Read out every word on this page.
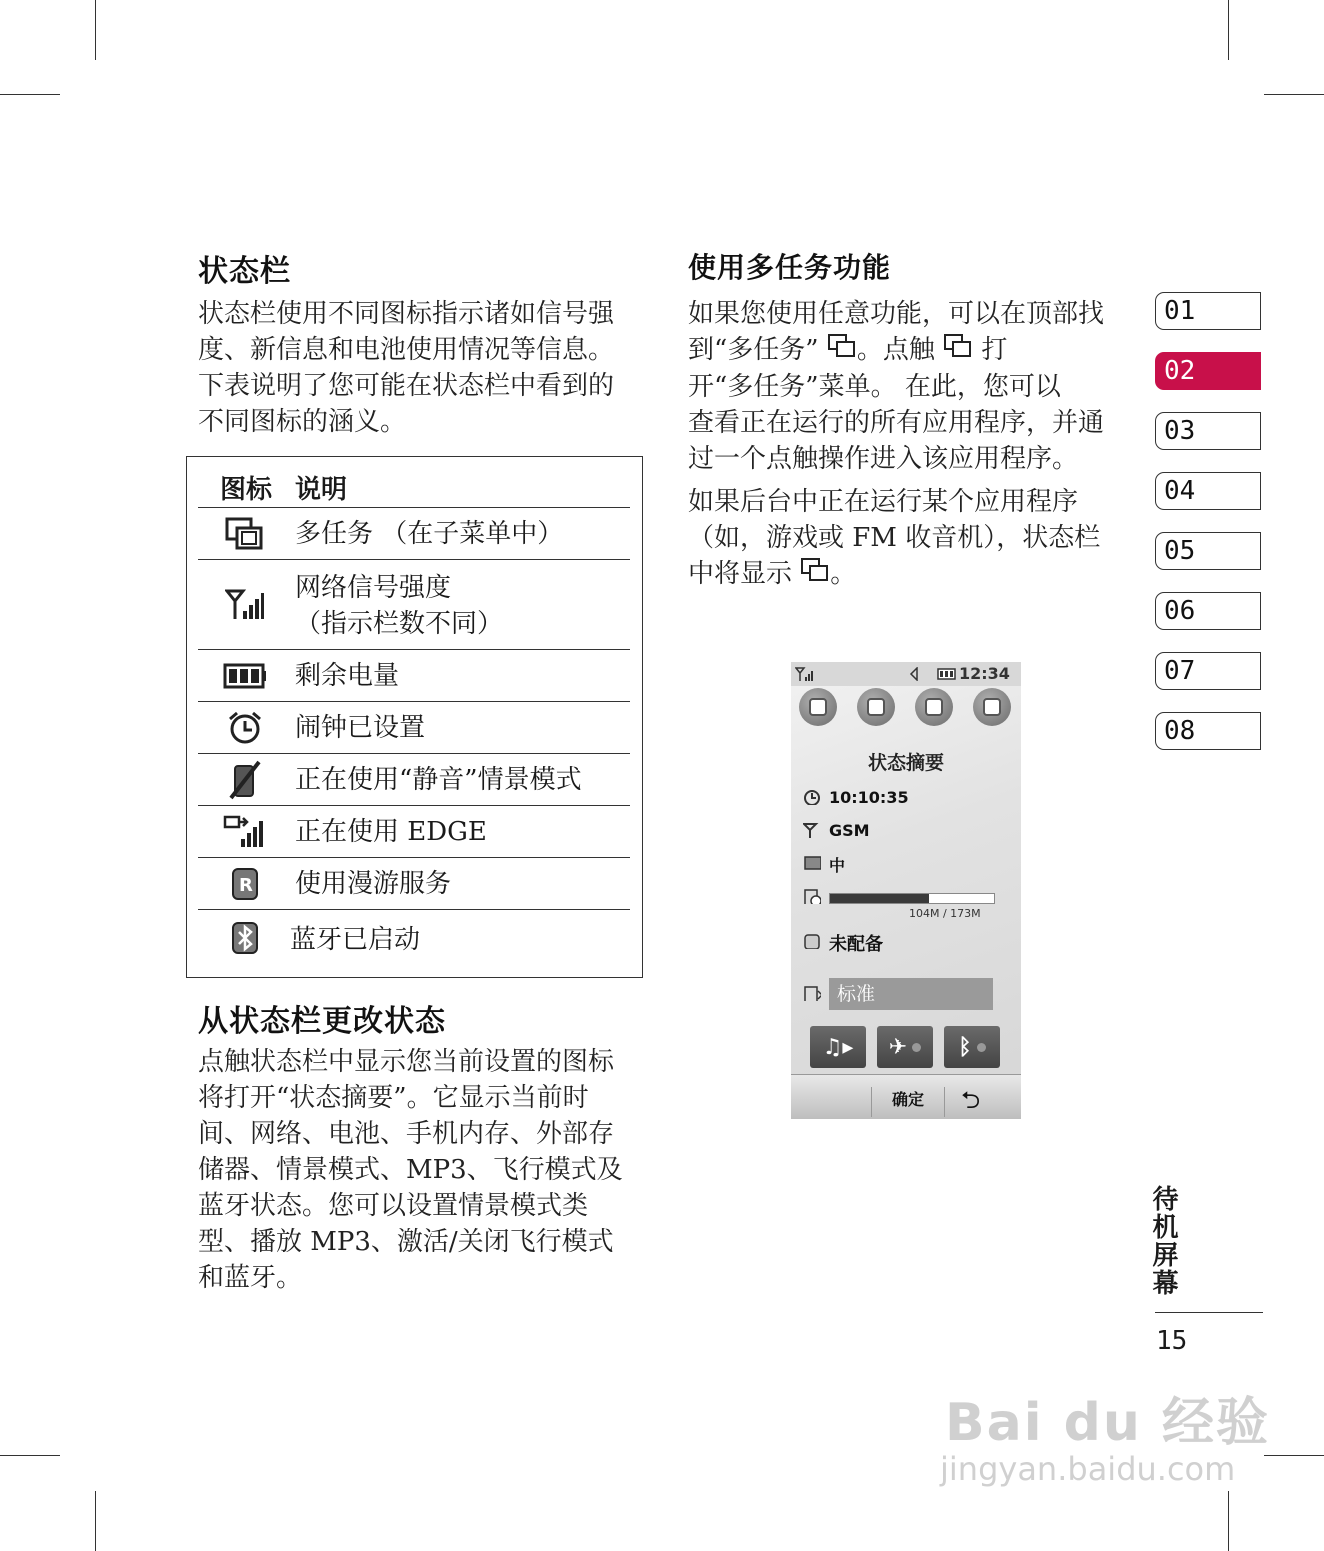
状态栏
状态栏使用不同图标指示诸如信号强
度、新信息和电池使用情况等信息。
下表说明了您可能在状态栏中看到的
不同图标的涵义。
图标 说明
多任务 （在子菜单中）
网络信号强度
（指示栏数不同）
剩余电量
闹钟已设置
正在使用“静音”情景模式
正在使用 EDGE
R 使用漫游服务
蓝牙已启动
从状态栏更改状态
点触状态栏中显示您当前设置的图标
将打开“状态摘要”。它显示当前时
间、网络、电池、手机内存、外部存
储器、情景模式、MP3、飞行模式及
蓝牙状态。您可以设置情景模式类
型、播放 MP3、激活/关闭飞行模式
和蓝牙。
使用多任务功能
如果您使用任意功能，可以在顶部找
到“多任务” 。点触  打
开“多任务”菜单。 在此，您可以
查看正在运行的所有应用程序，并通
过一个点触操作进入该应用程序。
如果后台中正在运行某个应用程序
（如，游戏或 FM 收音机），状态栏
中将显示 。
12:34
状态摘要
10:10:35
GSM
中
104M / 173M
未配备
标准
♫▸ ✈ ᛒ
确定	⮌
01
02
03
04
05
06
07
08
待机屏幕
15
Bai du 经验
jingyan.baidu.com
